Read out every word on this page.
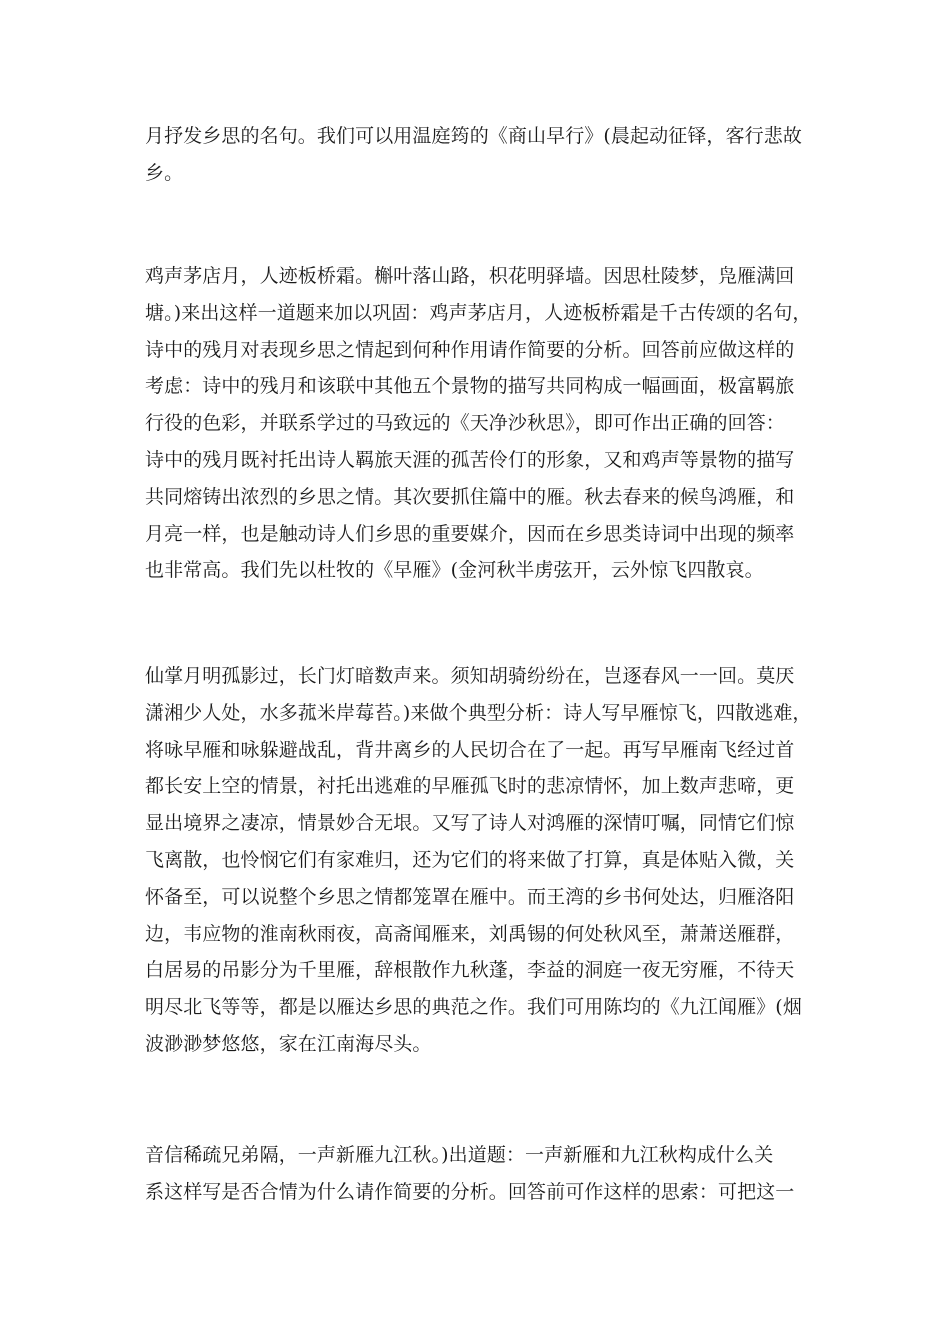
月抒发乡思的名句。我们可以用温庭筠的《商山早行》(晨起动征铎，客行悲故
乡。
鸡声茅店月，人迹板桥霜。槲叶落山路，枳花明驿墙。因思杜陵梦，凫雁满回
塘。)来出这样一道题来加以巩固：鸡声茅店月，人迹板桥霜是千古传颂的名句，
诗中的残月对表现乡思之情起到何种作用请作简要的分析。回答前应做这样的
考虑：诗中的残月和该联中其他五个景物的描写共同构成一幅画面，极富羁旅
行役的色彩，并联系学过的马致远的《天净沙秋思》，即可作出正确的回答：
诗中的残月既衬托出诗人羁旅天涯的孤苦伶仃的形象，又和鸡声等景物的描写
共同熔铸出浓烈的乡思之情。其次要抓住篇中的雁。秋去春来的候鸟鸿雁，和
月亮一样，也是触动诗人们乡思的重要媒介，因而在乡思类诗词中出现的频率
也非常高。我们先以杜牧的《早雁》(金河秋半虏弦开，云外惊飞四散哀。
仙掌月明孤影过，长门灯暗数声来。须知胡骑纷纷在，岂逐春风一一回。莫厌
潇湘少人处，水多菰米岸莓苔。)来做个典型分析：诗人写早雁惊飞，四散逃难，
将咏早雁和咏躲避战乱，背井离乡的人民切合在了一起。再写早雁南飞经过首
都长安上空的情景，衬托出逃难的早雁孤飞时的悲凉情怀，加上数声悲啼，更
显出境界之凄凉，情景妙合无垠。又写了诗人对鸿雁的深情叮嘱，同情它们惊
飞离散，也怜悯它们有家难归，还为它们的将来做了打算，真是体贴入微，关
怀备至，可以说整个乡思之情都笼罩在雁中。而王湾的乡书何处达，归雁洛阳
边，韦应物的淮南秋雨夜，高斋闻雁来，刘禹锡的何处秋风至，萧萧送雁群，
白居易的吊影分为千里雁，辞根散作九秋蓬，李益的洞庭一夜无穷雁，不待天
明尽北飞等等，都是以雁达乡思的典范之作。我们可用陈均的《九江闻雁》(烟
波渺渺梦悠悠，家在江南海尽头。
音信稀疏兄弟隔，一声新雁九江秋。)出道题：一声新雁和九江秋构成什么关
系这样写是否合情为什么请作简要的分析。回答前可作这样的思索：可把这一
